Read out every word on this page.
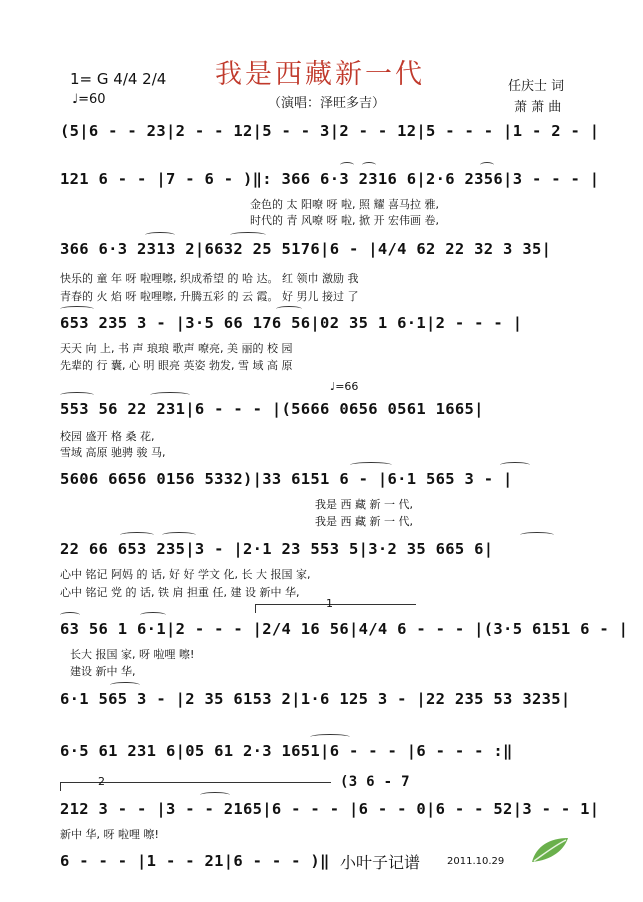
我是西藏新一代
（演唱：泽旺多吉）
1= G 4/4 2/4
♩=60
任庆士 词
萧 萧 曲
(5|6 - - 23|2 - - 12|5 - - 3|2 - - 12|5 - - - |1 - 2 - |
121 6 - - |7 - 6 - )‖: 366 6·3 2316 6|2·6 2356|3 - - - |
金色的 太 阳嘹 呀 啦, 照 耀 喜马拉 雅,
时代的 青 风嘹 呀 啦, 掀 开 宏伟画 卷,
366 6·3 2313 2|6632 25 5176|6 - |4/4 62 22 32 3 35|
快乐的 童 年 呀 啦哩嚓, 织成希望 的 哈 达。 红 领巾 激励 我
青春的 火 焰 呀 啦哩嚓, 升腾五彩 的 云 霞。 好 男儿 接过 了
653 235 3 - |3·5 66 176 56|02 35 1 6·1|2 - - - |
天天 向 上, 书 声 琅琅 歌声 嘹亮, 美 丽的 校 园
先辈的 行 囊, 心 明 眼亮 英姿 勃发, 雪 域 高 原
♩=66
553 56 22 231|6 - - - |(5666 0656 0561 1665|
校园 盛开 格 桑 花,
雪域 高原 驰骋 骏 马,
5606 6656 0156 5332)|33 6151 6 - |6·1 565 3 - |
我是 西 藏 新 一 代,
我是 西 藏 新 一 代,
22 66 653 235|3 - |2·1 23 553 5|3·2 35 665 6|
心中 铭记 阿妈 的 话, 好 好 学文 化, 长 大 报国 家,
心中 铭记 党 的 话, 铁 肩 担重 任, 建 设 新中 华,
1
63 56 1 6·1|2 - - - |2/4 16 56|4/4 6 - - - |(3·5 6151 6 - |
长大 报国 家, 呀 啦哩 嚓!
建设 新中 华,
6·1 565 3 - |2 35 6153 2|1·6 125 3 - |22 235 53 3235|
6·5 61 231 6|05 61 2·3 1651|6 - - - |6 - - - :‖
2	(3 6 - 7
212 3 - - |3 - - 2165|6 - - - |6 - - 0|6 - - 52|3 - - 1|
新中 华, 呀 啦哩 嚓!
6 - - - |1 - - 21|6 - - - )‖ 小叶子记谱	2011.10.29
